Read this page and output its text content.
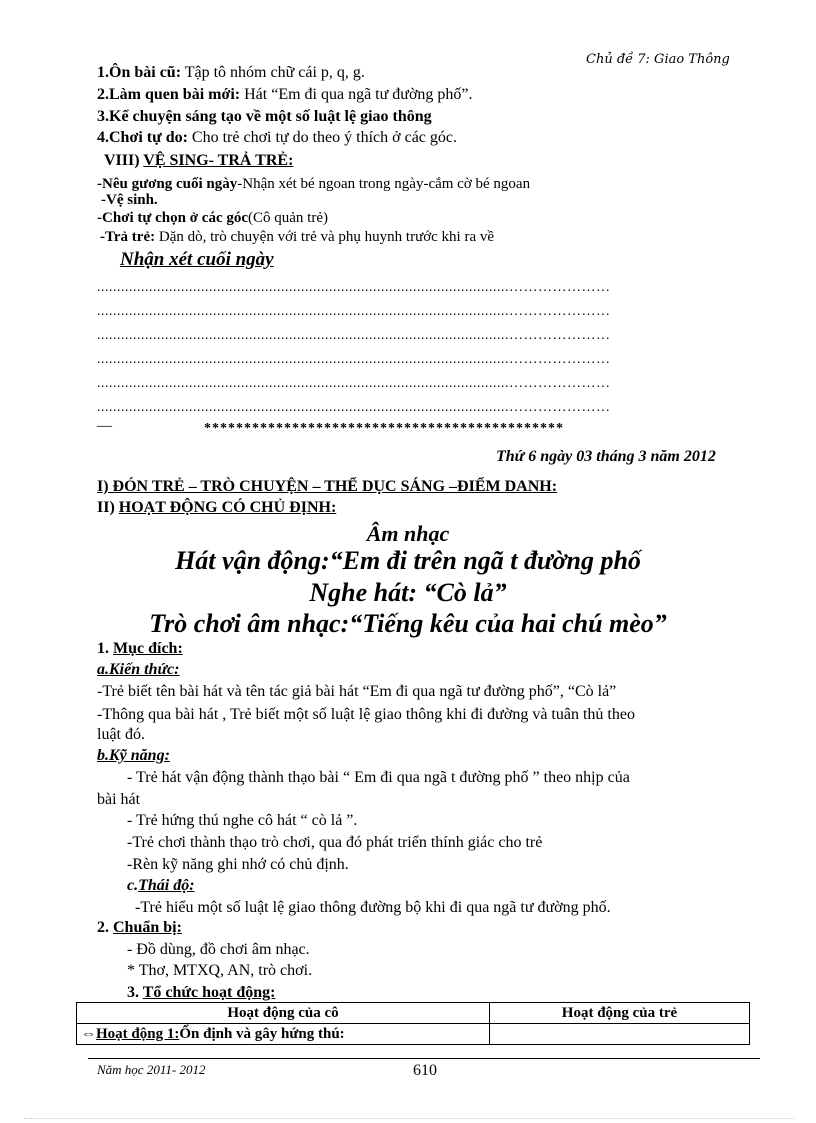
Chủ đề 7: Giao Thông
1.Ôn bài cũ: Tập tô nhóm chữ cái p, q, g.
2.Làm quen bài mới: Hát “Em đi qua ngã tư đường phố”.
3.Kể chuyện sáng tạo về một số luật lệ giao thông
4.Chơi tự do: Cho trẻ chơi tự do theo ý thích ở các góc.
VIII) VỆ SING- TRẢ TRẺ:
-Nêu gương cuối ngày-Nhận xét bé ngoan trong ngày-cắm cờ bé ngoan
-Vệ sinh.
-Chơi tự chọn ở các góc(Cô quản trẻ)
-Trả trẻ: Dặn dò, trò chuyện với trẻ và phụ huynh trước khi ra về
Nhận xét cuối ngày
.......................................................................................................…………………
.......................................................................................................…………………
.......................................................................................................…………………
.......................................................................................................…………………
.......................................................................................................…………………
.......................................................................................................…………………
—	*********************************************
Thứ 6 ngày 03 tháng 3 năm 2012
I) ĐÓN TRẺ – TRÒ CHUYỆN – THỂ DỤC SÁNG –ĐIỂM DANH:
II) HOẠT ĐỘNG CÓ CHỦ ĐỊNH:
Âm nhạc
Hát vận động:“Em đi trên ngã t đường phố
Nghe hát: “Cò lả”
Trò chơi âm nhạc:“Tiếng kêu của hai chú mèo”
1. Mục đích:
a.Kiến thức:
-Trẻ biết tên bài hát và tên tác giả bài hát “Em đi qua ngã tư đường phố”, “Cò lả”
-Thông qua bài hát , Trẻ biết một số luật lệ giao thông khi đi đường và tuân thủ theo
luật đó.
b.Kỹ năng:
- Trẻ hát vận động thành thạo bài “ Em đi qua ngã t đường phố ” theo nhịp của
bài hát
- Trẻ hứng thú nghe cô hát “ cò lả ”.
-Trẻ chơi thành thạo trò chơi, qua đó phát triển thính giác cho trẻ
-Rèn kỹ năng ghi nhớ có chủ định.
c.Thái độ:
-Trẻ hiểu một số luật lệ giao thông đường bộ khi đi qua ngã tư đường phố.
2. Chuẩn bị:
- Đồ dùng, đồ chơi âm nhạc.
* Thơ, MTXQ, AN, trò chơi.
3. Tổ chức hoạt động:
Hoạt động của cô	Hoạt động của trẻ
⇔Hoạt động 1:Ổn định và gây hứng thú:	
Năm học 2011- 2012	610
